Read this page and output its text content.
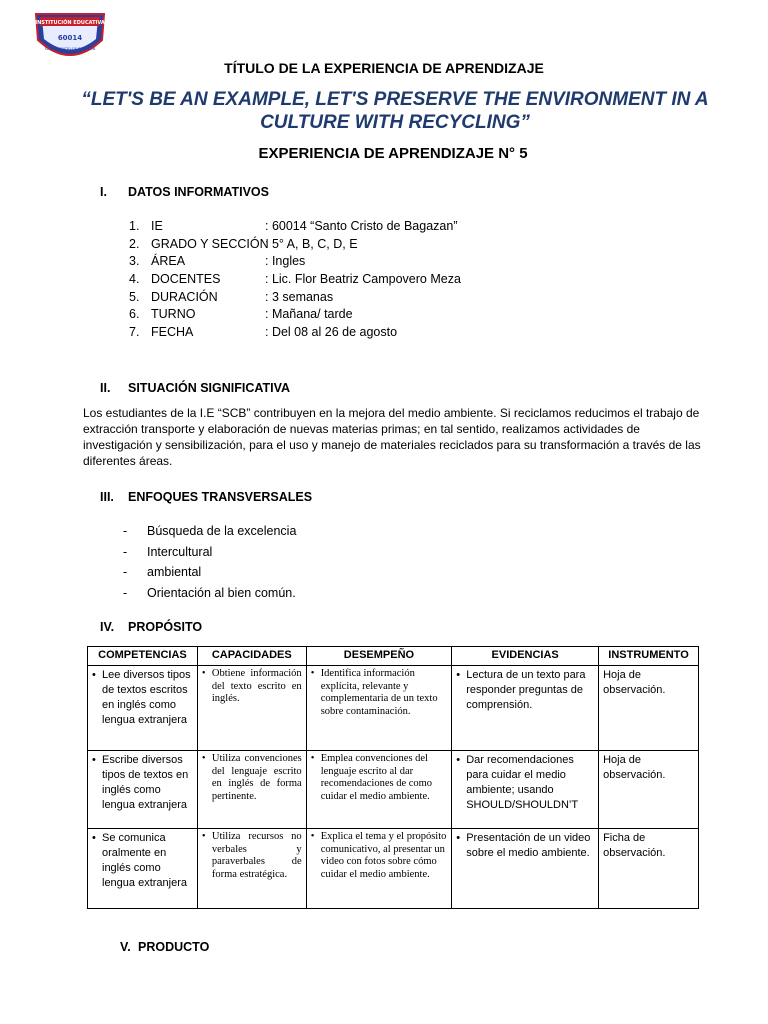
INSTITUCIÓN EDUCATIVA
60014
SANTO CRISTO DE BAGAZAN
TÍTULO DE LA EXPERIENCIA DE APRENDIZAJE
“LET'S BE AN EXAMPLE, LET'S PRESERVE THE ENVIRONMENT IN A CULTURE WITH RECYCLING”
EXPERIENCIA DE APRENDIZAJE N° 5
I. DATOS INFORMATIVOS
1. IE	: 60014 “Santo Cristo de Bagazan”
2. GRADO Y SECCIÓN: 5° A, B, C, D, E
3. ÁREA	: Ingles
4. DOCENTES	: Lic. Flor Beatriz Campovero Meza
5. DURACIÓN	: 3 semanas
6. TURNO	: Mañana/ tarde
7. FECHA	: Del 08 al 26 de agosto
II. SITUACIÓN SIGNIFICATIVA
Los estudiantes de la I.E “SCB” contribuyen en la mejora del medio ambiente. Si reciclamos reducimos el trabajo de extracción transporte y elaboración de nuevas materias primas; en tal sentido, realizamos actividades de investigación y sensibilización, para el uso y manejo de materiales reciclados para su transformación a través de las diferentes áreas.
III. ENFOQUES TRANSVERSALES
- Búsqueda de la excelencia
- Intercultural
- ambiental
- Orientación al bien común.
IV. PROPÓSITO
COMPETENCIAS	CAPACIDADES	DESEMPEÑO	EVIDENCIAS	INSTRUMENTO

• Lee diversos tipos de textos escritos en inglés como lengua extranjera	• Obtiene información del texto escrito en inglés.	• Identifica información explícita, relevante y complementaria de un texto sobre contaminación.	• Lectura de un texto para responder preguntas de comprensión.	Hoja de observación.

• Escribe diversos tipos de textos en inglés como lengua extranjera	• Utiliza convenciones del lenguaje escrito en inglés de forma pertinente.	• Emplea convenciones del lenguaje escrito al dar recomendaciones de como cuidar el medio ambiente.	• Dar recomendaciones para cuidar el medio ambiente; usando SHOULD/SHOULDN’T	Hoja de observación.

• Se comunica oralmente en inglés como lengua extranjera	• Utiliza recursos no verbales y paraverbales de forma estratégica.	• Explica el tema y el propósito comunicativo, al presentar un video con fotos sobre cómo cuidar el medio ambiente.	• Presentación de un video sobre el medio ambiente.	Ficha de observación.
V. PRODUCTO
